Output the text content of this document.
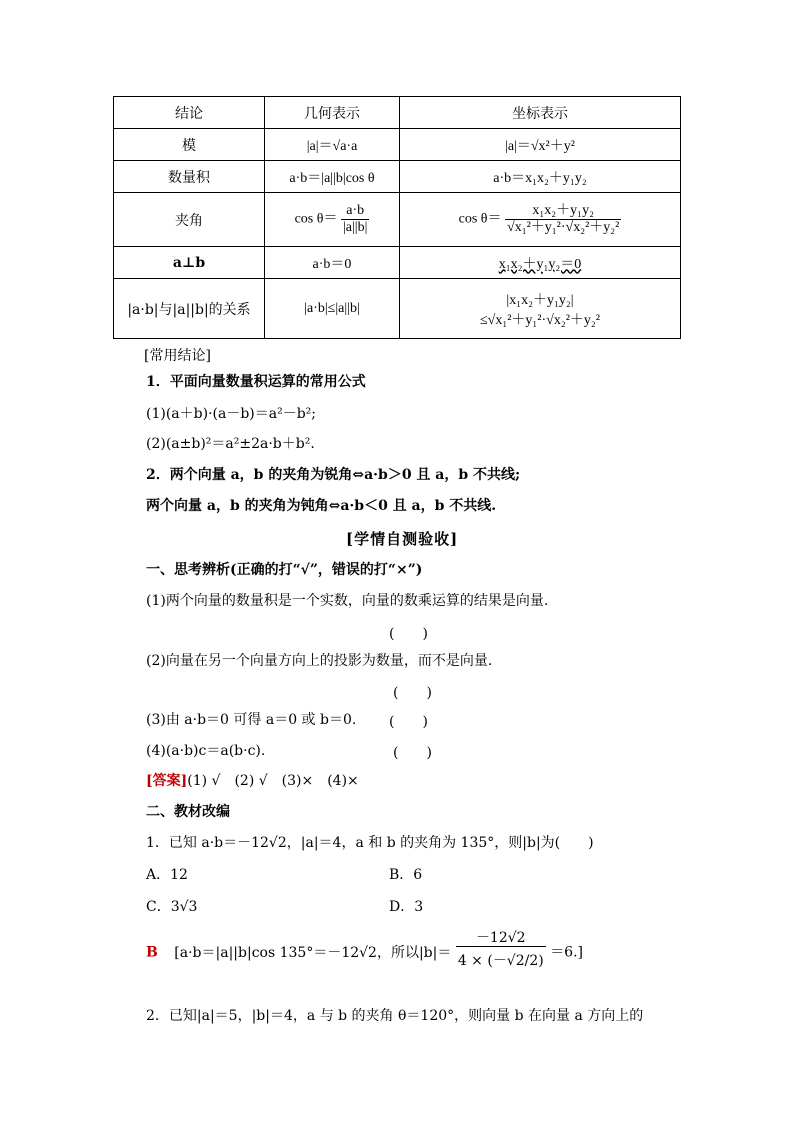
结论	几何表示	坐标表示
模	|a|＝√a·a	|a|＝√x²＋y²
数量积	a·b＝|a||b|cos θ	a·b＝x₁x₂＋y₁y₂
夹角	$\cos \theta= \frac{a\cdot b}{|a||b|}$	$\cos \theta= \frac{\text{x₁x₂＋y₁y₂}}{\text{√x₁²＋y₁²·√x₂²＋y₂²}}$

a⊥b	a·b＝0	x₁x₂＋y₁y₂＝0
|a·b|与|a||b|的关系	|a·b|≤|a||b|	|x₁x₂＋y₁y₂|
≤√x₁²＋y₁²·√x₂²＋y₂²
[常用结论]
1．平面向量数量积运算的常用公式
(1)(a＋b)·(a－b)＝a²－b²;
(2)(a±b)²＝a²±2a·b＋b².
2．两个向量 a，b 的夹角为锐角⇔a·b＞0 且 a，b 不共线;
两个向量 a，b 的夹角为钝角⇔a·b＜0 且 a，b 不共线.
[学情自测验收]
一、思考辨析(正确的打“√”，错误的打“×”)
(1)两个向量的数量积是一个实数，向量的数乘运算的结果是向量.
(　　)
(2)向量在另一个向量方向上的投影为数量，而不是向量.
(　　)
(3)由 a·b＝0 可得 a＝0 或 b＝0. (　　)
(4)(a·b)c＝a(b·c).	(　　)
[答案](1) √　(2) √　(3)×　(4)×
二、教材改编
1．已知 a·b＝－12√2，|a|＝4，a 和 b 的夹角为 135°，则|b|为(　　)
A．12	B．6
C．3√3	D．3
B [a·b＝|a||b|cos 135°＝－12√2，所以$|b|= \frac{-12√2}{4 \times (-√2/2)} =6$.]
2．已知|a|＝5，|b|＝4，a 与 b 的夹角 θ＝120°，则向量 b 在向量 a 方向上的
